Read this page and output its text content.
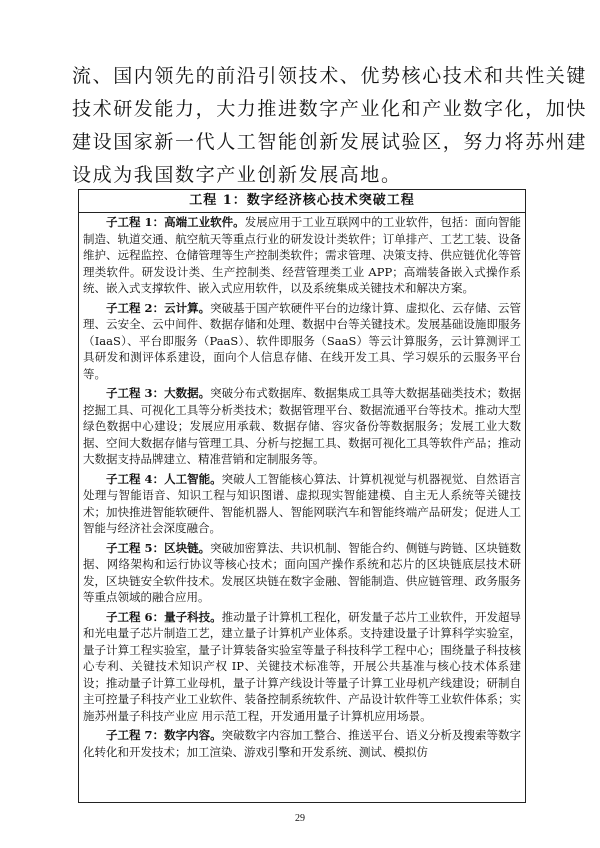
流、国内领先的前沿引领技术、优势核心技术和共性关键

技术研发能力，大力推进数字产业化和产业数字化，加快

建设国家新一代人工智能创新发展试验区，努力将苏州建

设成为我国数字产业创新发展高地。

工程 1：数字经济核心技术突破工程
子工程 1：高端工业软件。发展应用于工业互联网中的工业软件，包括：面向智能制造、轨道交通、航空航天等重点行业的研发设计类软件；订单排产、工艺工装、设备维护、远程监控、仓储管理等生产控制类软件；需求管理、决策支持、供应链优化等管理类软件。研发设计类、生产控制类、经营管理类工业 APP；高端装备嵌入式操作系统、嵌入式支撑软件、嵌入式应用软件，以及系统集成关键技术和解决方案。
子工程 2：云计算。突破基于国产软硬件平台的边缘计算、虚拟化、云存储、云管理、云安全、云中间件、数据存储和处理、数据中台等关键技术。发展基础设施即服务（IaaS）、平台即服务（PaaS）、软件即服务（SaaS）等云计算服务，云计算测评工具研发和测评体系建设，面向个人信息存储、在线开发工具、学习娱乐的云服务平台等。
子工程 3：大数据。突破分布式数据库、数据集成工具等大数据基础类技术；数据挖掘工具、可视化工具等分析类技术；数据管理平台、数据流通平台等技术。推动大型绿色数据中心建设；发展应用承载、数据存储、容灾备份等数据服务；发展工业大数据、空间大数据存储与管理工具、分析与挖掘工具、数据可视化工具等软件产品；推动大数据支持品牌建立、精准营销和定制服务等。
子工程 4：人工智能。突破人工智能核心算法、计算机视觉与机器视觉、自然语言处理与智能语音、知识工程与知识图谱、虚拟现实智能建模、自主无人系统等关键技术；加快推进智能软硬件、智能机器人、智能网联汽车和智能终端产品研发；促进人工智能与经济社会深度融合。
子工程 5：区块链。突破加密算法、共识机制、智能合约、侧链与跨链、区块链数据、网络架构和运行协议等核心技术；面向国产操作系统和芯片的区块链底层技术研发，区块链安全软件技术。发展区块链在数字金融、智能制造、供应链管理、政务服务等重点领域的融合应用。
子工程 6：量子科技。推动量子计算机工程化，研发量子芯片工业软件，开发超导和光电量子芯片制造工艺，建立量子计算机产业体系。支持建设量子计算科学实验室，量子计算工程实验室，量子计算装备实验室等量子科技科学工程中心；围绕量子科技核心专利、关键技术知识产权 IP、关键技术标准等，开展公共基准与核心技术体系建设；推动量子计算工业母机，量子计算产线设计等量子计算工业母机产线建设；研制自主可控量子科技产业工业软件、装备控制系统软件、产品设计软件等工业软件体系；实施苏州量子科技产业应 用示范工程，开发通用量子计算机应用场景。
子工程 7：数字内容。突破数字内容加工整合、推送平台、语义分析及搜索等数字化转化和开发技术；加工渲染、游戏引擎和开发系统、测试、模拟仿
29
